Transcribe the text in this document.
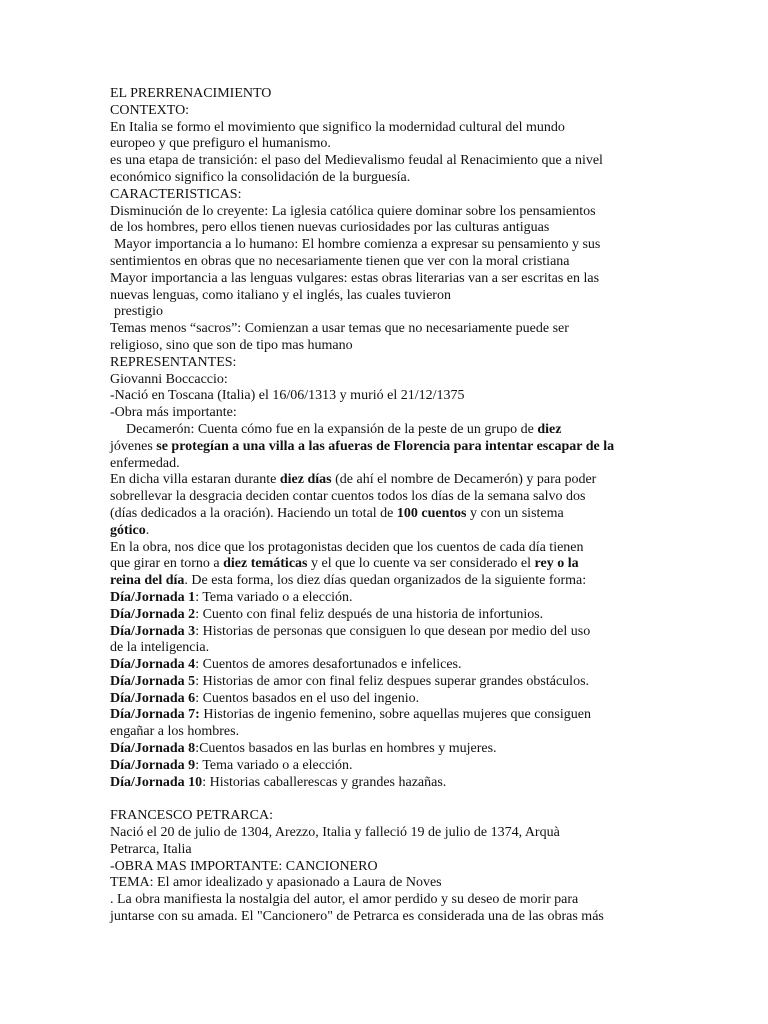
EL PRERRENACIMIENTO
CONTEXTO:
En Italia se formo el movimiento que significo la modernidad cultural del mundo
europeo y que prefiguro el humanismo.
es una etapa de transición: el paso del Medievalismo feudal al Renacimiento que a nivel
económico significo la consolidación de la burguesía.
CARACTERISTICAS:
Disminución de lo creyente: La iglesia católica quiere dominar sobre los pensamientos
de los hombres, pero ellos tienen nuevas curiosidades por las culturas antiguas
Mayor importancia a lo humano: El hombre comienza a expresar su pensamiento y sus
sentimientos en obras que no necesariamente tienen que ver con la moral cristiana
Mayor importancia a las lenguas vulgares: estas obras literarias van a ser escritas en las
nuevas lenguas, como italiano y el inglés, las cuales tuvieron
prestigio
Temas menos “sacros”: Comienzan a usar temas que no necesariamente puede ser
religioso, sino que son de tipo mas humano
REPRESENTANTES:
Giovanni Boccaccio:
-Nació en Toscana (Italia) el 16/06/1313 y murió el 21/12/1375
-Obra más importante:
Decamerón: Cuenta cómo fue en la expansión de la peste de un grupo de diez
jóvenes se protegían a una villa a las afueras de Florencia para intentar escapar de la
enfermedad.
En dicha villa estaran durante diez días (de ahí el nombre de Decamerón) y para poder
sobrellevar la desgracia deciden contar cuentos todos los días de la semana salvo dos
(días dedicados a la oración). Haciendo un total de 100 cuentos y con un sistema
gótico.
En la obra, nos dice que los protagonistas deciden que los cuentos de cada día tienen
que girar en torno a diez temáticas y el que lo cuente va ser considerado el rey o la
reina del día. De esta forma, los diez días quedan organizados de la siguiente forma:
Día/Jornada 1: Tema variado o a elección.
Día/Jornada 2: Cuento con final feliz después de una historia de infortunios.
Día/Jornada 3: Historias de personas que consiguen lo que desean por medio del uso
de la inteligencia.
Día/Jornada 4: Cuentos de amores desafortunados e infelices.
Día/Jornada 5: Historias de amor con final feliz despues superar grandes obstáculos.
Día/Jornada 6: Cuentos basados en el uso del ingenio.
Día/Jornada 7: Historias de ingenio femenino, sobre aquellas mujeres que consiguen
engañar a los hombres.
Día/Jornada 8:Cuentos basados en las burlas en hombres y mujeres.
Día/Jornada 9: Tema variado o a elección.
Día/Jornada 10: Historias caballerescas y grandes hazañas.
FRANCESCO PETRARCA:
Nació el 20 de julio de 1304, Arezzo, Italia y falleció 19 de julio de 1374, Arquà
Petrarca, Italia
-OBRA MAS IMPORTANTE: CANCIONERO
TEMA: El amor idealizado y apasionado a Laura de Noves
. La obra manifiesta la nostalgia del autor, el amor perdido y su deseo de morir para
juntarse con su amada. El "Cancionero" de Petrarca es considerada una de las obras más
